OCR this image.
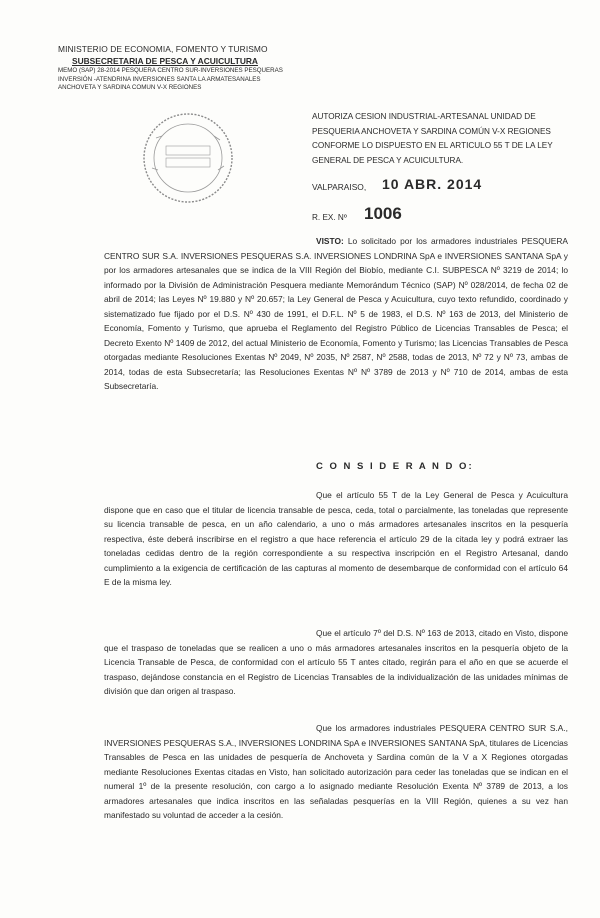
MINISTERIO DE ECONOMIA, FOMENTO Y TURISMO
SUBSECRETARIA DE PESCA Y ACUICULTURA
MEMO (SAP) 28-2014 PESQUERA CENTRO SUR-INVERSIONES PESQUERAS
INVERSIÓN -ATENDRINA INVERSIONES SANTA LA ARMATESANALES
ANCHOVETA Y SARDINA COMUN V-X REGIONES
AUTORIZA CESION INDUSTRIAL-ARTESANAL UNIDAD DE PESQUERIA ANCHOVETA Y SARDINA COMÚN V-X REGIONES CONFORME LO DISPUESTO EN EL ARTICULO 55 T DE LA LEY GENERAL DE PESCA Y ACUICULTURA.
VALPARAISO, 10 ABR. 2014
R. EX. Nº 1006
VISTO: Lo solicitado por los armadores industriales PESQUERA CENTRO SUR S.A. INVERSIONES PESQUERAS S.A. INVERSIONES LONDRINA SpA e INVERSIONES SANTANA SpA y por los armadores artesanales que se indica de la VIII Región del Biobío, mediante C.I. SUBPESCA Nº 3219 de 2014; lo informado por la División de Administración Pesquera mediante Memorándum Técnico (SAP) Nº 028/2014, de fecha 02 de abril de 2014; las Leyes Nº 19.880 y Nº 20.657; la Ley General de Pesca y Acuicultura, cuyo texto refundido, coordinado y sistematizado fue fijado por el D.S. Nº 430 de 1991, el D.F.L. Nº 5 de 1983, el D.S. Nº 163 de 2013, del Ministerio de Economía, Fomento y Turismo, que aprueba el Reglamento del Registro Público de Licencias Transables de Pesca; el Decreto Exento Nº 1409 de 2012, del actual Ministerio de Economía, Fomento y Turismo; las Licencias Transables de Pesca otorgadas mediante Resoluciones Exentas Nº 2049, Nº 2035, Nº 2587, Nº 2588, todas de 2013, Nº 72 y Nº 73, ambas de 2014, todas de esta Subsecretaría; las Resoluciones Exentas Nº Nº 3789 de 2013 y Nº 710 de 2014, ambas de esta Subsecretaría.
C O N S I D E R A N D O:
Que el artículo 55 T de la Ley General de Pesca y Acuicultura dispone que en caso que el titular de licencia transable de pesca, ceda, total o parcialmente, las toneladas que represente su licencia transable de pesca, en un año calendario, a uno o más armadores artesanales inscritos en la pesquería respectiva, éste deberá inscribirse en el registro a que hace referencia el artículo 29 de la citada ley y podrá extraer las toneladas cedidas dentro de la región correspondiente a su respectiva inscripción en el Registro Artesanal, dando cumplimiento a la exigencia de certificación de las capturas al momento de desembarque de conformidad con el artículo 64 E de la misma ley.
Que el artículo 7º del D.S. Nº 163 de 2013, citado en Visto, dispone que el traspaso de toneladas que se realicen a uno o más armadores artesanales inscritos en la pesquería objeto de la Licencia Transable de Pesca, de conformidad con el artículo 55 T antes citado, regirán para el año en que se acuerde el traspaso, dejándose constancia en el Registro de Licencias Transables de la individualización de las unidades mínimas de división que dan origen al traspaso.
Que los armadores industriales PESQUERA CENTRO SUR S.A., INVERSIONES PESQUERAS S.A., INVERSIONES LONDRINA SpA e INVERSIONES SANTANA SpA, titulares de Licencias Transables de Pesca en las unidades de pesquería de Anchoveta y Sardina común de la V a X Regiones otorgadas mediante Resoluciones Exentas citadas en Visto, han solicitado autorización para ceder las toneladas que se indican en el numeral 1º de la presente resolución, con cargo a lo asignado mediante Resolución Exenta Nº 3789 de 2013, a los armadores artesanales que indica inscritos en las señaladas pesquerías en la VIII Región, quienes a su vez han manifestado su voluntad de acceder a la cesión.
